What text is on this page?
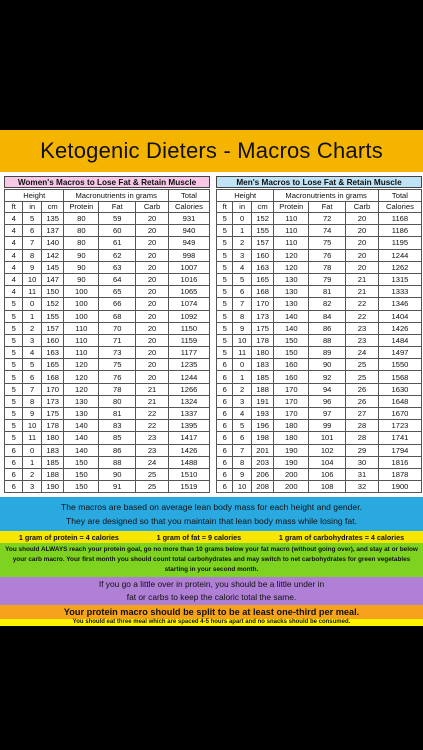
Ketogenic Dieters - Macros Charts
Women's Macros to Lose Fat & Retain Muscle
Height			Macronutrients in grams			Total
ft	in	cm	Protein	Fat	Carb	Calories
4	5	135	80	59	20	931
4	6	137	80	60	20	940
4	7	140	80	61	20	949
4	8	142	90	62	20	998
4	9	145	90	63	20	1007
4	10	147	90	64	20	1016
4	11	150	100	65	20	1065
5	0	152	100	66	20	1074
5	1	155	100	68	20	1092
5	2	157	110	70	20	1150
5	3	160	110	71	20	1159
5	4	163	110	73	20	1177
5	5	165	120	75	20	1235
5	6	168	120	76	20	1244
5	7	170	120	78	21	1266
5	8	173	130	80	21	1324
5	9	175	130	81	22	1337
5	10	178	140	83	22	1395
5	11	180	140	85	23	1417
6	0	183	140	86	23	1426
6	1	185	150	88	24	1488
6	2	188	150	90	25	1510
6	3	190	150	91	25	1519
Men's Macros to Lose Fat & Retain Muscle
Height			Macronutrients in grams			Total
ft	in	cm	Protein	Fat	Carb	Calories
5	0	152	110	72	20	1168
5	1	155	110	74	20	1186
5	2	157	110	75	20	1195
5	3	160	120	76	20	1244
5	4	163	120	78	20	1262
5	5	165	130	79	21	1315
5	6	168	130	81	21	1333
5	7	170	130	82	22	1346
5	8	173	140	84	22	1404
5	9	175	140	86	23	1426
5	10	178	150	88	23	1484
5	11	180	150	89	24	1497
6	0	183	160	90	25	1550
6	1	185	160	92	25	1568
6	2	188	170	94	26	1630
6	3	191	170	96	26	1648
6	4	193	170	97	27	1670
6	5	196	180	99	28	1723
6	6	198	180	101	28	1741
6	7	201	190	102	29	1794
6	8	203	190	104	30	1816
6	9	206	200	106	31	1878
6	10	208	200	108	32	1900
The macros are based on average lean body mass for each height and gender.
They are designed so that you maintain that lean body mass while losing fat.
1 gram of protein = 4 calories	1 gram of fat = 9 calories	1 gram of carbohydrates = 4 calories
You should ALWAYS reach your protein goal, go no more than 10 grams below your fat macro (without going over), and stay at or below your carb macro. Your first month you should count total carbohydrates and may switch to net carbohydrates for green vegetables starting in your second month.
If you go a little over in protein, you should be a little under in
fat or carbs to keep the caloric total the same.
Your protein macro should be split to be at least one-third per meal.
You should eat three meal which are spaced 4-5 hours apart and no snacks should be consumed.
